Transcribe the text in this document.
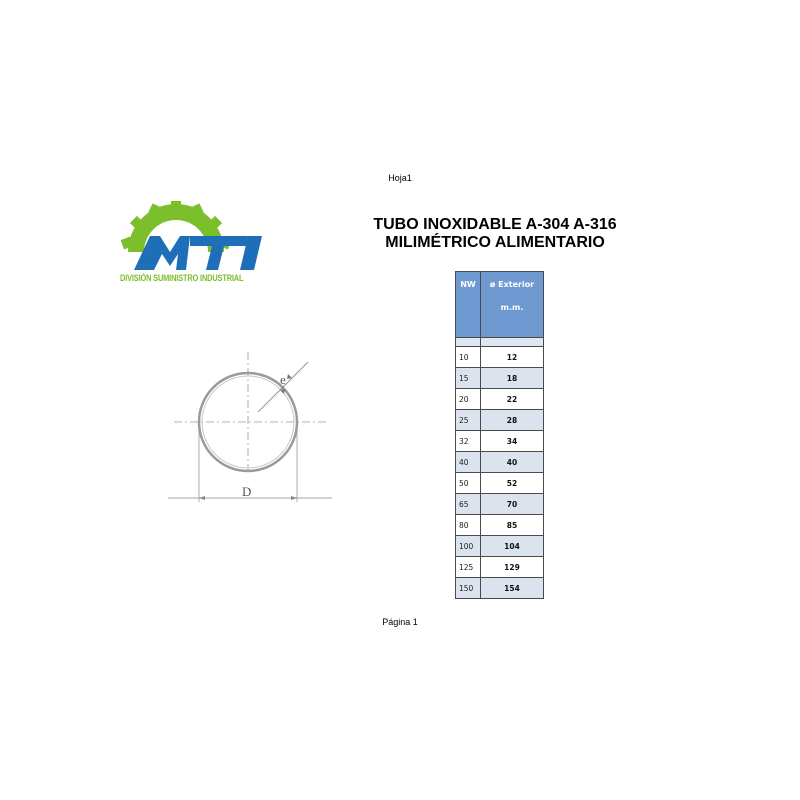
Hoja1
DIVISIÓN SUMINISTRO INDUSTRIAL
TUBO INOXIDABLE A-304 A-316
MILIMÉTRICO ALIMENTARIO
e
D
NW	ø Exterior
m.m.

10	12
15	18
20	22
25	28
32	34
40	40
50	52
65	70
80	85
100	104
125	129
150	154
Página 1
